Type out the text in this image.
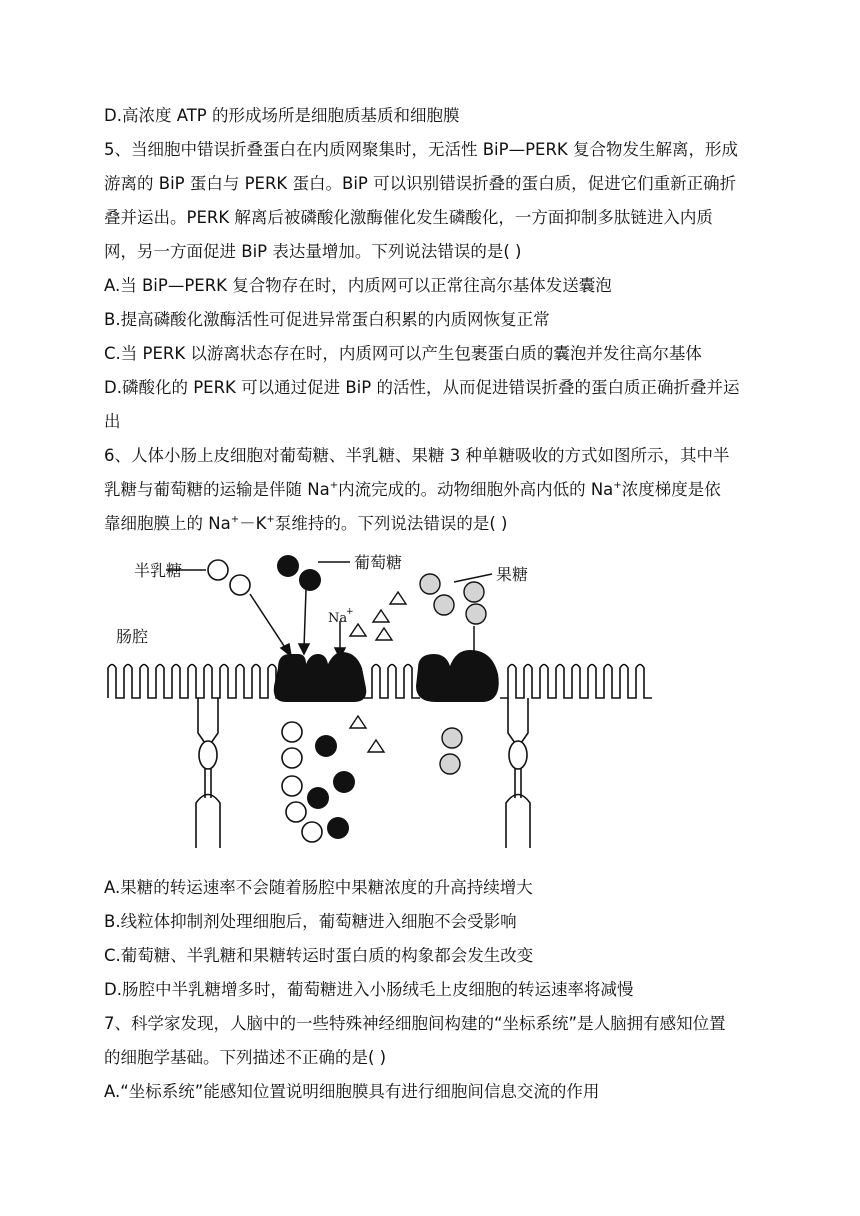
D.高浓度 ATP 的形成场所是细胞质基质和细胞膜
5、当细胞中错误折叠蛋白在内质网聚集时，无活性 BiP—PERK 复合物发生解离，形成
游离的 BiP 蛋白与 PERK 蛋白。BiP 可以识别错误折叠的蛋白质，促进它们重新正确折
叠并运出。PERK 解离后被磷酸化激酶催化发生磷酸化，一方面抑制多肽链进入内质
网，另一方面促进 BiP 表达量增加。下列说法错误的是( )
A.当 BiP—PERK 复合物存在时，内质网可以正常往高尔基体发送囊泡
B.提高磷酸化激酶活性可促进异常蛋白积累的内质网恢复正常
C.当 PERK 以游离状态存在时，内质网可以产生包裹蛋白质的囊泡并发往高尔基体
D.磷酸化的 PERK 可以通过促进 BiP 的活性，从而促进错误折叠的蛋白质正确折叠并运
出
6、人体小肠上皮细胞对葡萄糖、半乳糖、果糖 3 种单糖吸收的方式如图所示，其中半
乳糖与葡萄糖的运输是伴随 Na+内流完成的。动物细胞外高内低的 Na+浓度梯度是依
靠细胞膜上的 Na+－K+泵维持的。下列说法错误的是( )
半乳糖	葡萄糖
果糖
肠腔
Na
+
A.果糖的转运速率不会随着肠腔中果糖浓度的升高持续增大
B.线粒体抑制剂处理细胞后，葡萄糖进入细胞不会受影响
C.葡萄糖、半乳糖和果糖转运时蛋白质的构象都会发生改变
D.肠腔中半乳糖增多时，葡萄糖进入小肠绒毛上皮细胞的转运速率将减慢
7、科学家发现，人脑中的一些特殊神经细胞间构建的“坐标系统”是人脑拥有感知位置
的细胞学基础。下列描述不正确的是( )
A.“坐标系统”能感知位置说明细胞膜具有进行细胞间信息交流的作用
